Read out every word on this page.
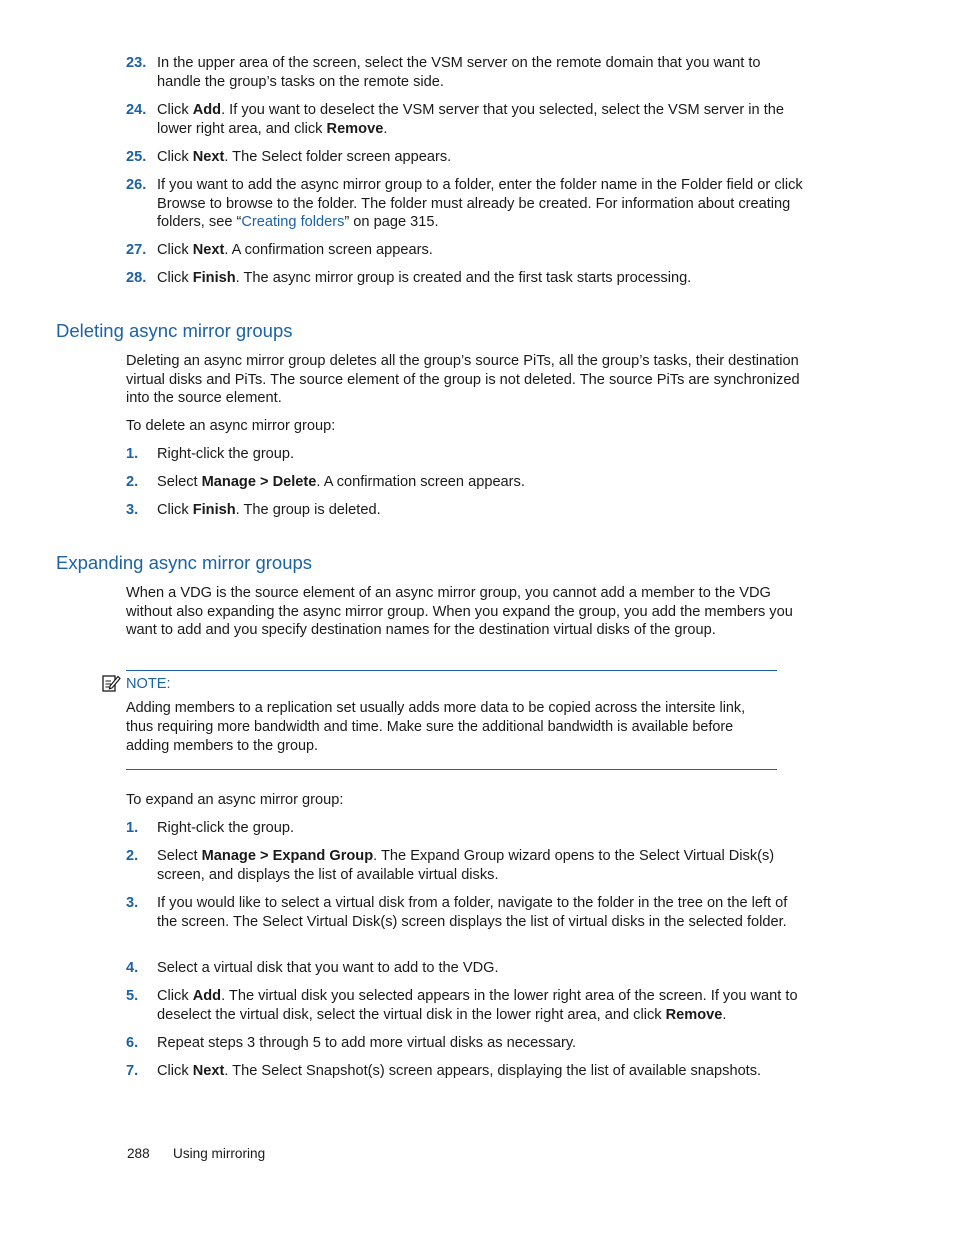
23. In the upper area of the screen, select the VSM server on the remote domain that you want to handle the group’s tasks on the remote side.
24. Click Add. If you want to deselect the VSM server that you selected, select the VSM server in the lower right area, and click Remove.
25. Click Next. The Select folder screen appears.
26. If you want to add the async mirror group to a folder, enter the folder name in the Folder field or click Browse to browse to the folder. The folder must already be created. For information about creating folders, see “Creating folders” on page 315.
27. Click Next. A confirmation screen appears.
28. Click Finish. The async mirror group is created and the first task starts processing.
Deleting async mirror groups
Deleting an async mirror group deletes all the group’s source PiTs, all the group’s tasks, their destination virtual disks and PiTs. The source element of the group is not deleted. The source PiTs are synchronized into the source element.
To delete an async mirror group:
1. Right-click the group.
2. Select Manage > Delete. A confirmation screen appears.
3. Click Finish. The group is deleted.
Expanding async mirror groups
When a VDG is the source element of an async mirror group, you cannot add a member to the VDG without also expanding the async mirror group. When you expand the group, you add the members you want to add and you specify destination names for the destination virtual disks of the group.
NOTE:
Adding members to a replication set usually adds more data to be copied across the intersite link, thus requiring more bandwidth and time. Make sure the additional bandwidth is available before adding members to the group.
To expand an async mirror group:
1. Right-click the group.
2. Select Manage > Expand Group. The Expand Group wizard opens to the Select Virtual Disk(s) screen, and displays the list of available virtual disks.
3. If you would like to select a virtual disk from a folder, navigate to the folder in the tree on the left of the screen. The Select Virtual Disk(s) screen displays the list of virtual disks in the selected folder.
4. Select a virtual disk that you want to add to the VDG.
5. Click Add. The virtual disk you selected appears in the lower right area of the screen. If you want to deselect the virtual disk, select the virtual disk in the lower right area, and click Remove.
6. Repeat steps 3 through 5 to add more virtual disks as necessary.
7. Click Next. The Select Snapshot(s) screen appears, displaying the list of available snapshots.
288 Using mirroring
